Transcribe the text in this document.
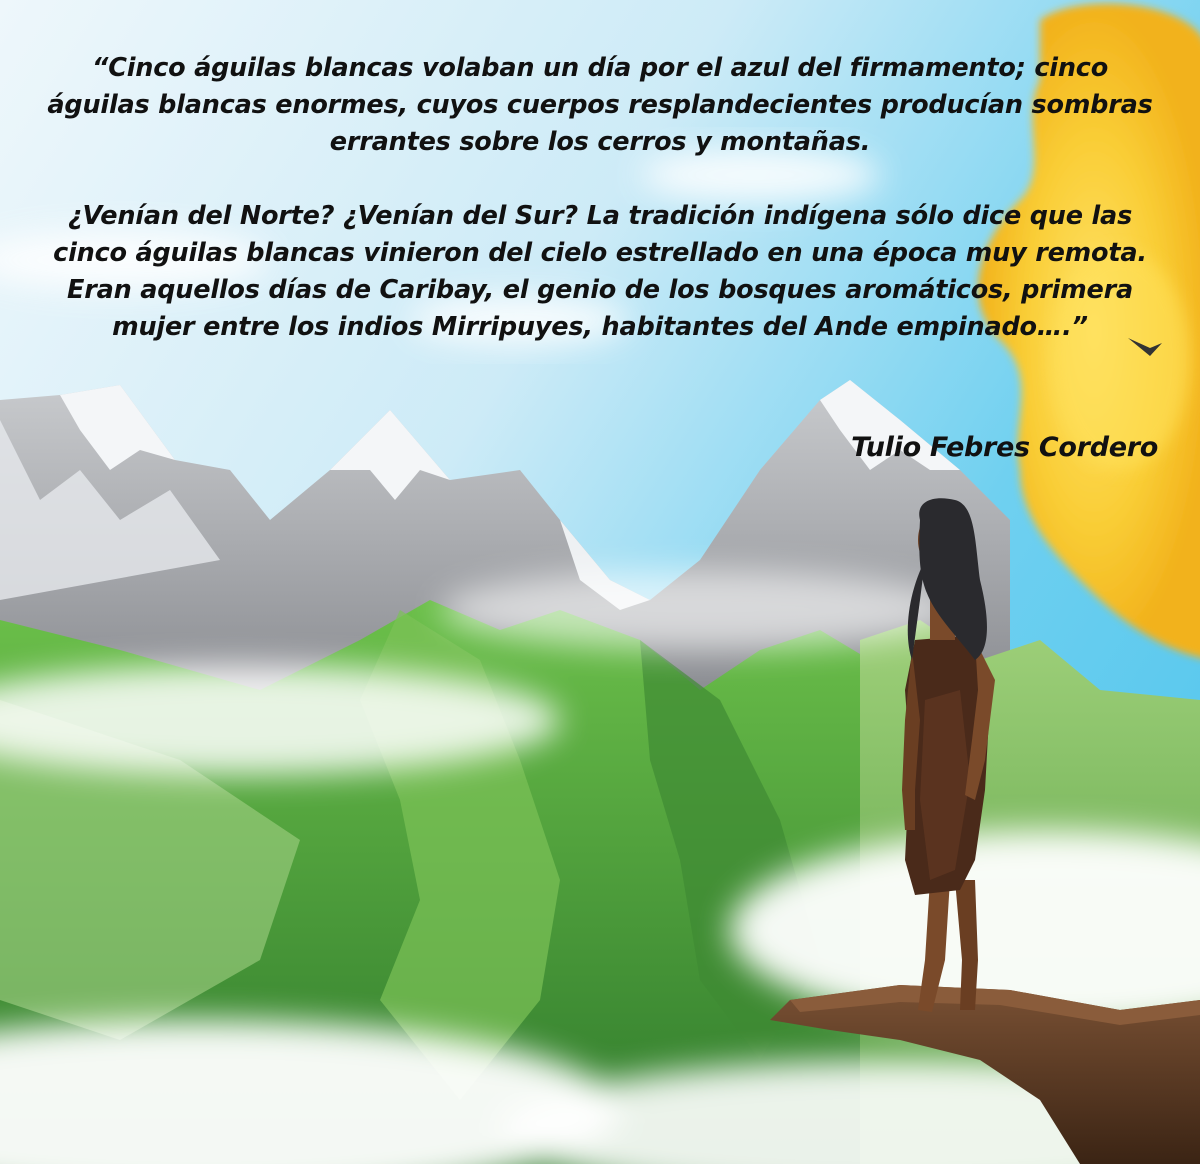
“Cinco águilas blancas volaban un día por el azul del firmamento; cinco águilas blancas enormes, cuyos cuerpos resplandecientes producían sombras errantes sobre los cerros y montañas.

¿Venían del Norte? ¿Venían del Sur? La tradición indígena sólo dice que las cinco águilas blancas vinieron del cielo estrellado en una época muy remota. Eran aquellos días de Caribay, el genio de los bosques aromáticos, primera mujer entre los indios Mirripuyes, habitantes del Ande empinado….”

Tulio Febres Cordero
